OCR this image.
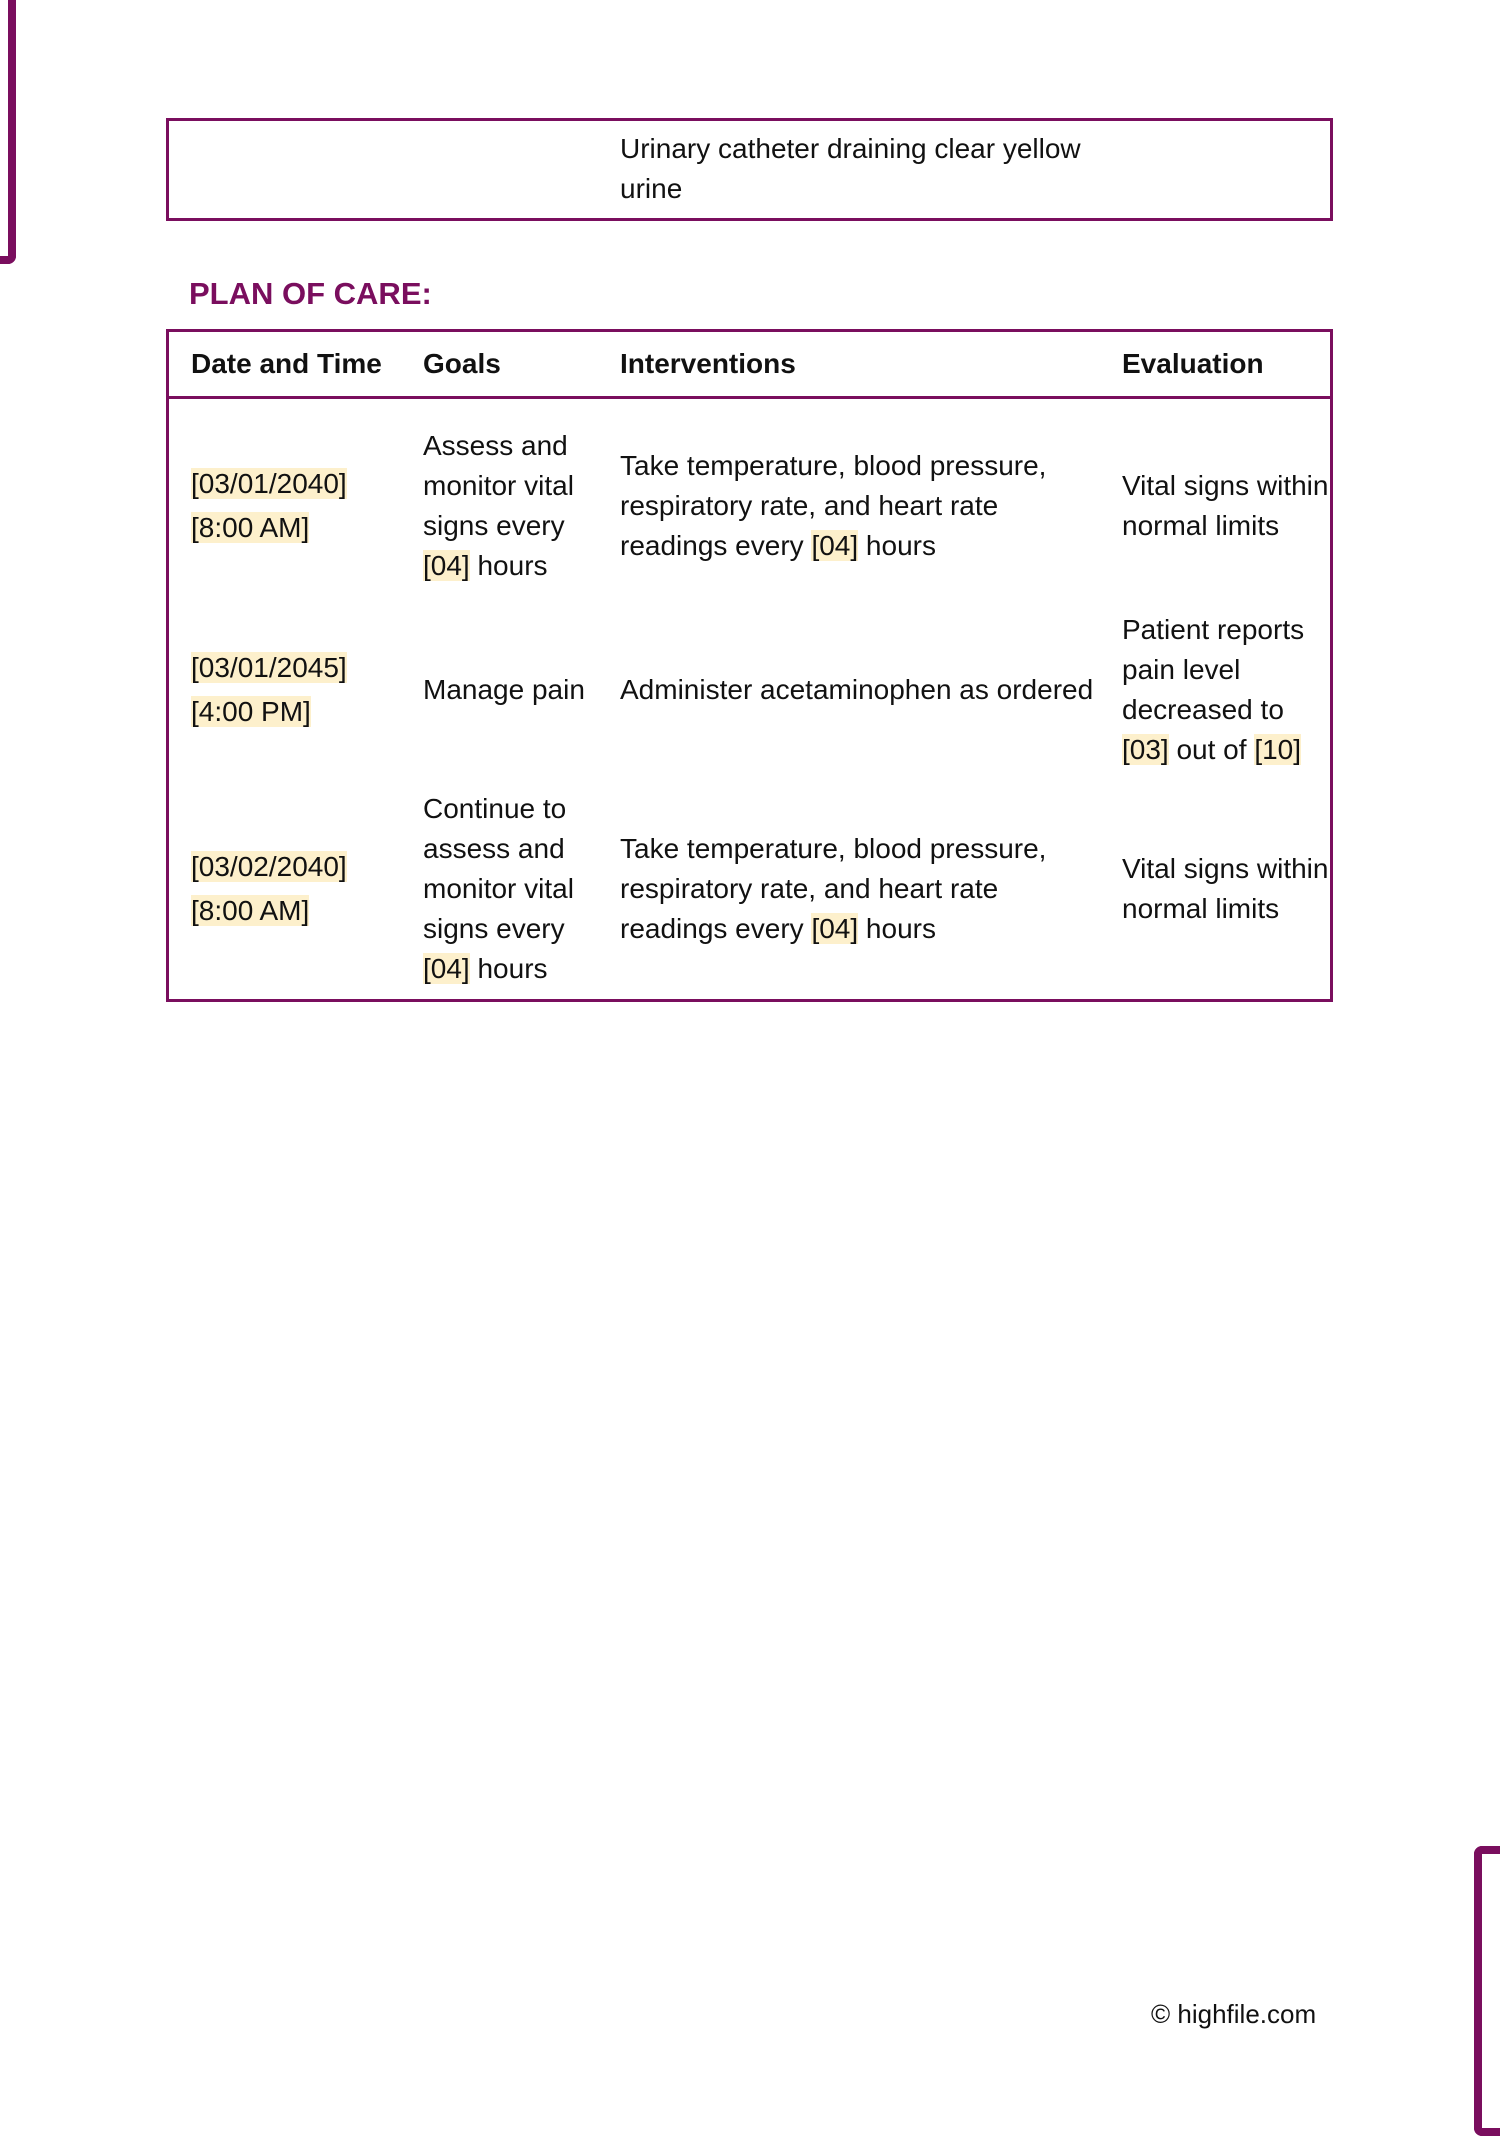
Urinary catheter draining clear yellow urine
PLAN OF CARE:
Date and Time	Goals	Interventions	Evaluation

[03/01/2040]
[8:00 AM]	Assess and monitor vital signs every [04] hours	Take temperature, blood pressure, respiratory rate, and heart rate readings every [04] hours	Vital signs within normal limits

[03/01/2045]
[4:00 PM]	Manage pain	Administer acetaminophen as ordered	Patient reports pain level decreased to [03] out of [10]

[03/02/2040]
[8:00 AM]	Continue to assess and monitor vital signs every [04] hours	Take temperature, blood pressure, respiratory rate, and heart rate readings every [04] hours	Vital signs within normal limits
© highfile.com
